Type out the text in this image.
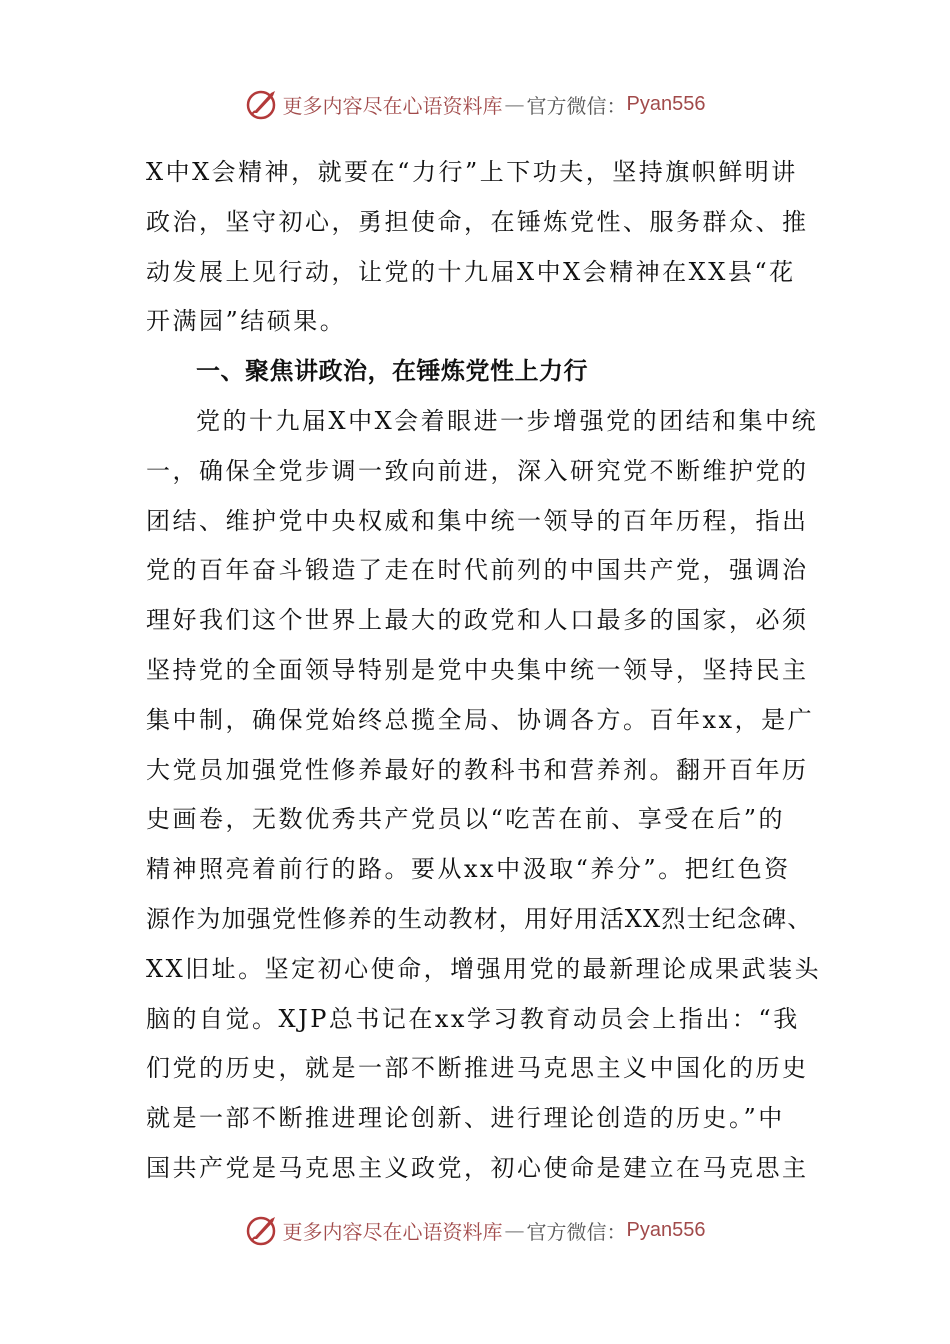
更多内容尽在心语资料库 — 官方微信： Pyan556
X中X会精神，就要在“力行”上下功夫，坚持旗帜鲜明讲
政治，坚守初心，勇担使命，在锤炼党性、服务群众、推
动发展上见行动，让党的十九届X中X会精神在XX县“花
开满园”结硕果。
一、聚焦讲政治，在锤炼党性上力行
党的十九届X中X会着眼进一步增强党的团结和集中统
一，确保全党步调一致向前进，深入研究党不断维护党的
团结、维护党中央权威和集中统一领导的百年历程，指出
党的百年奋斗锻造了走在时代前列的中国共产党，强调治
理好我们这个世界上最大的政党和人口最多的国家，必须
坚持党的全面领导特别是党中央集中统一领导，坚持民主
集中制，确保党始终总揽全局、协调各方。百年xx，是广
大党员加强党性修养最好的教科书和营养剂。翻开百年历
史画卷，无数优秀共产党员以“吃苦在前、享受在后”的
精神照亮着前行的路。要从xx中汲取“养分”。把红色资
源作为加强党性修养的生动教材，用好用活XX烈士纪念碑、
XX旧址。坚定初心使命，增强用党的最新理论成果武装头
脑的自觉。XJP总书记在xx学习教育动员会上指出：“我
们党的历史，就是一部不断推进马克思主义中国化的历史
就是一部不断推进理论创新、进行理论创造的历史。”中
国共产党是马克思主义政党，初心使命是建立在马克思主
更多内容尽在心语资料库 — 官方微信： Pyan556
